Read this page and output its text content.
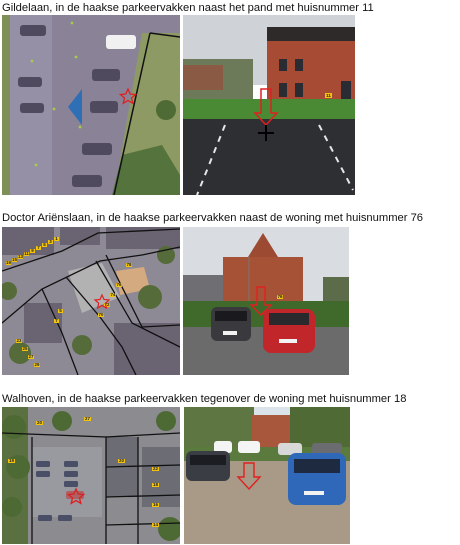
Gildelaan, in de haakse parkeervakken naast het pand met huisnummer 11
11
Doctor Ariënslaan, in de haakse parkeervakken naast de woning met huisnummer 76
19
15
13
11
9
7
5
3
1
78
76
74
72
70
5
7
23
25
27
29
76
Walhoven, in de haakse parkeervakken tegenover de woning met huisnummer 18
20
27
19	20
22
18
16
14
